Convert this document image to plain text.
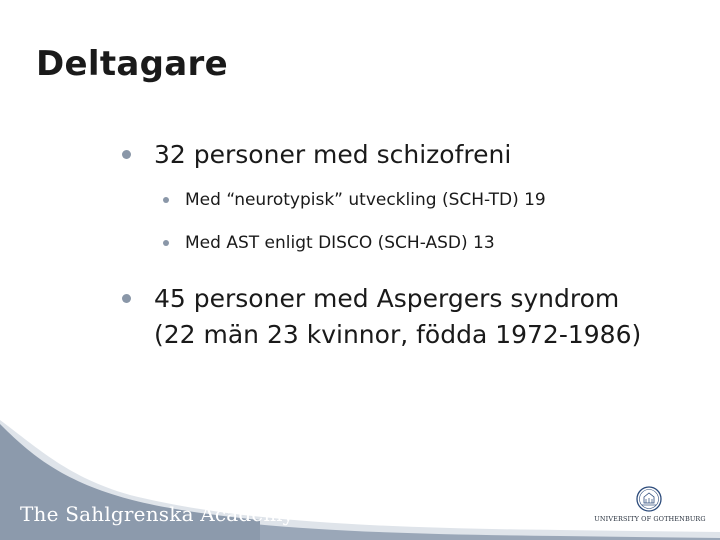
Deltagare
32 personer med schizofreni
Med “neurotypisk” utveckling (SCH-TD) 19
Med AST enligt DISCO (SCH-ASD) 13
45 personer med Aspergers syndrom
(22 män 23 kvinnor, födda 1972-1986)
The Sahlgrenska Academy	UNIVERSITY OF GOTHENBURG
